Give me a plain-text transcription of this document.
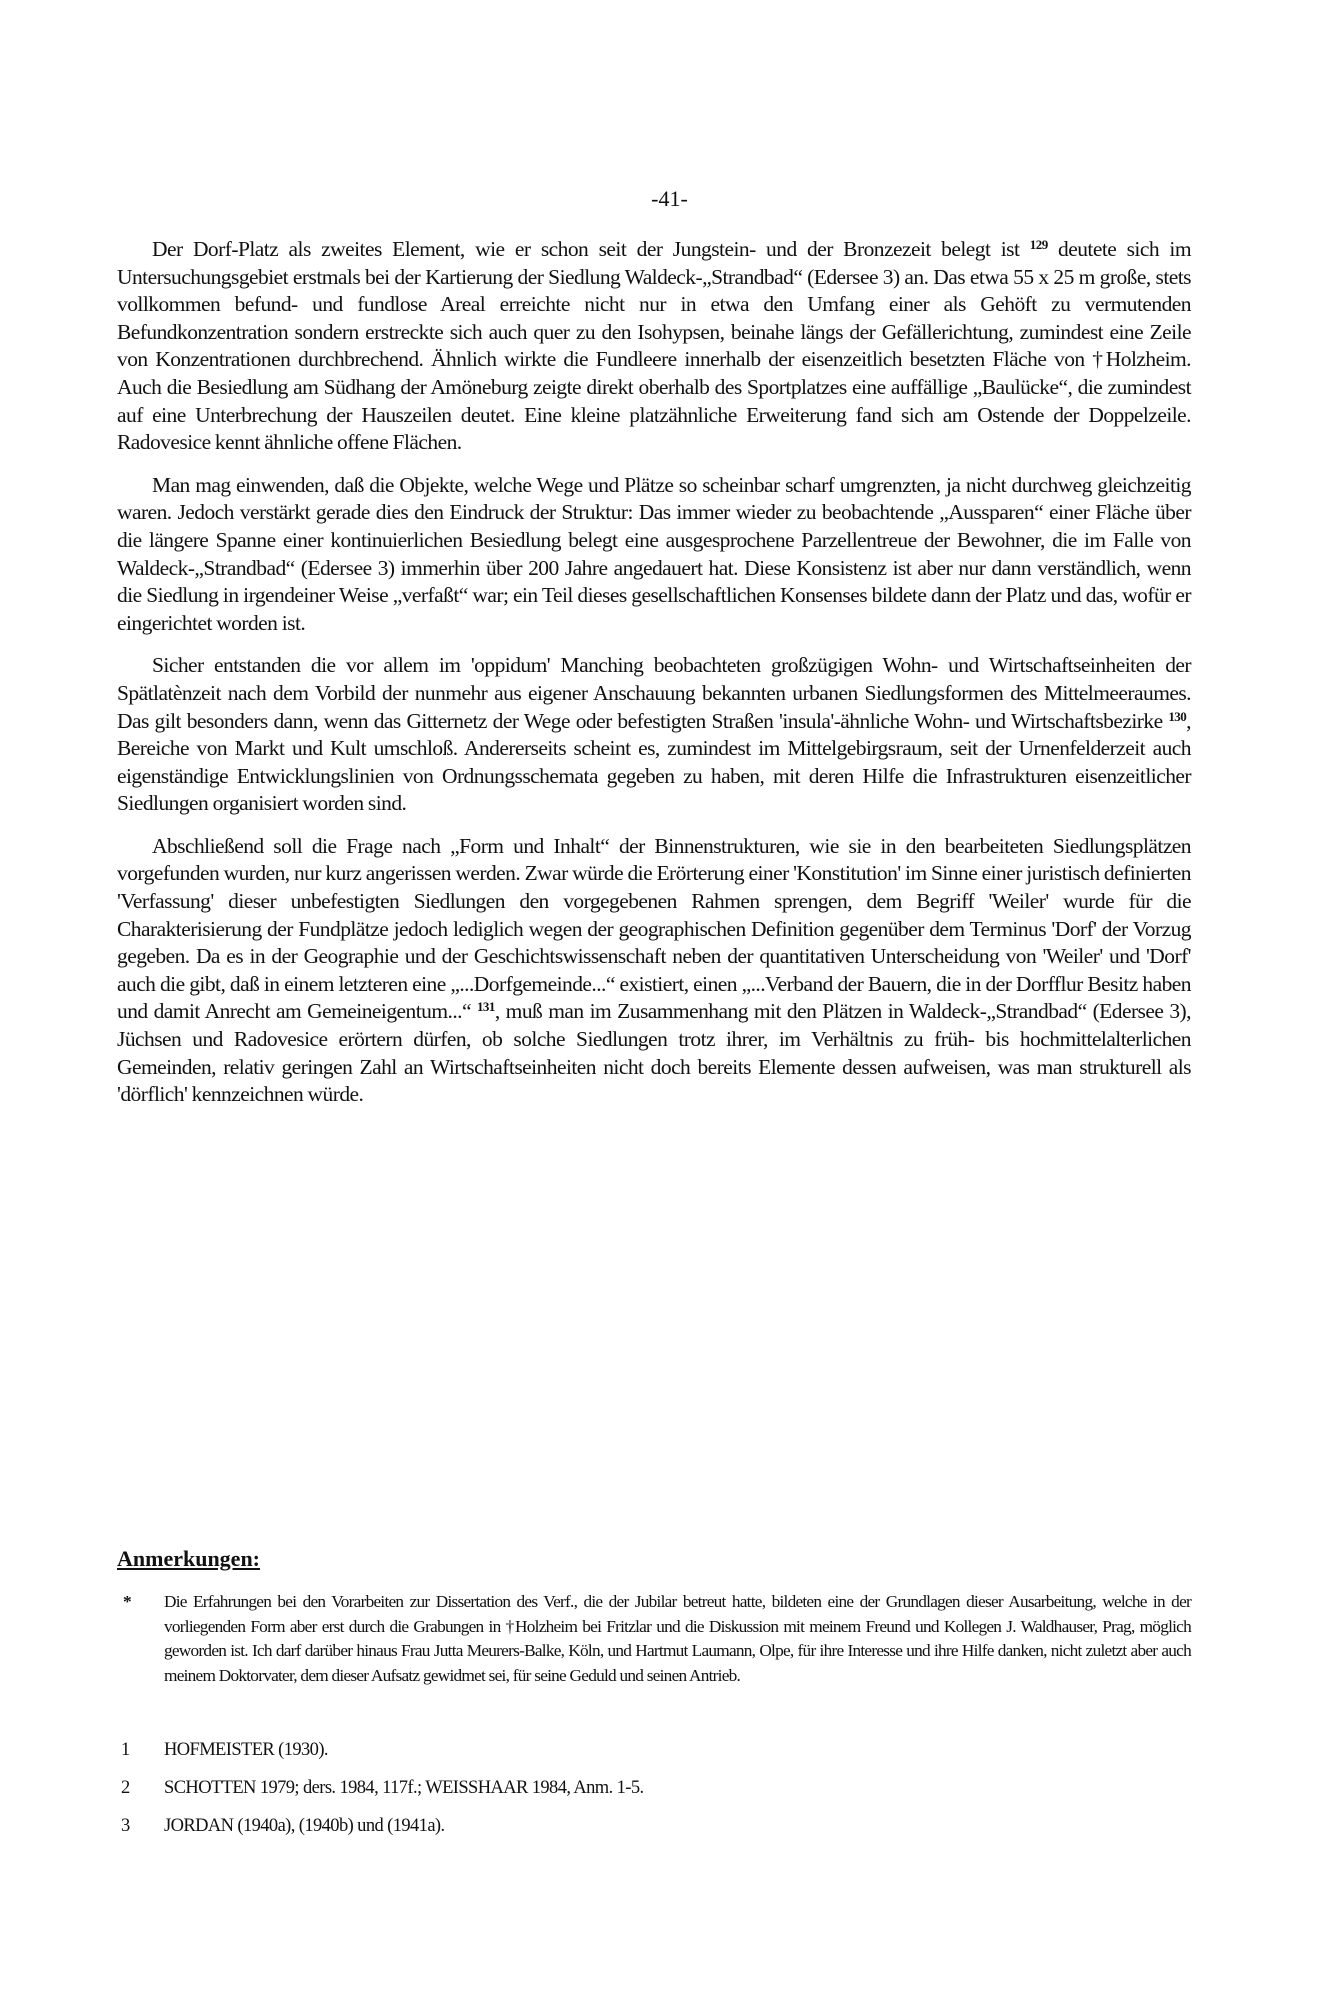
-41-

Der Dorf-Platz als zweites Element, wie er schon seit der Jungstein- und der Bronzezeit belegt ist $^{129}$ deutete sich im Untersuchungsgebiet erstmals bei der Kartierung der Siedlung Waldeck-„Strandbad“ (Edersee 3) an. Das etwa 55 x 25 m große, stets vollkommen befund- und fundlose Areal erreichte nicht nur in etwa den Umfang einer als Gehöft zu vermutenden Befundkonzentration sondern erstreckte sich auch quer zu den Isohypsen, beinahe längs der Gefällerichtung, zumindest eine Zeile von Konzentrationen durchbrechend. Ähnlich wirkte die Fundleere innerhalb der eisenzeitlich besetzten Fläche von †Holzheim. Auch die Besiedlung am Südhang der Amöneburg zeigte direkt oberhalb des Sportplatzes eine auffällige „Baulücke“, die zumindest auf eine Unterbrechung der Hauszeilen deutet. Eine kleine platzähnliche Erweiterung fand sich am Ostende der Doppelzeile. Radovesice kennt ähnliche offene Flächen.

Man mag einwenden, daß die Objekte, welche Wege und Plätze so scheinbar scharf umgrenzten, ja nicht durchweg gleichzeitig waren. Jedoch verstärkt gerade dies den Eindruck der Struktur: Das immer wieder zu beobachtende „Aussparen“ einer Fläche über die längere Spanne einer kontinuierlichen Besiedlung belegt eine ausgesprochene Parzellentreue der Bewohner, die im Falle von Waldeck-„Strandbad“ (Edersee 3) immerhin über 200 Jahre angedauert hat. Diese Konsistenz ist aber nur dann verständlich, wenn die Siedlung in irgendeiner Weise „verfaßt“ war; ein Teil dieses gesellschaftlichen Konsenses bildete dann der Platz und das, wofür er eingerichtet worden ist.

Sicher entstanden die vor allem im 'oppidum' Manching beobachteten großzügigen Wohn- und Wirtschaftseinheiten der Spätlatènzeit nach dem Vorbild der nunmehr aus eigener Anschauung bekannten urbanen Siedlungsformen des Mittelmeeraumes. Das gilt besonders dann, wenn das Gitternetz der Wege oder befestigten Straßen 'insula'-ähnliche Wohn- und Wirtschaftsbezirke $^{130}$, Bereiche von Markt und Kult umschloß. Andererseits scheint es, zumindest im Mittelgebirgsraum, seit der Urnenfelderzeit auch eigenständige Entwicklungslinien von Ordnungsschemata gegeben zu haben, mit deren Hilfe die Infrastrukturen eisenzeitlicher Siedlungen organisiert worden sind.

Abschließend soll die Frage nach „Form und Inhalt“ der Binnenstrukturen, wie sie in den bearbeiteten Siedlungsplätzen vorgefunden wurden, nur kurz angerissen werden. Zwar würde die Erörterung einer 'Konstitution' im Sinne einer juristisch definierten 'Verfassung' dieser unbefestigten Siedlungen den vorgegebenen Rahmen sprengen, dem Begriff 'Weiler' wurde für die Charakterisierung der Fundplätze jedoch lediglich wegen der geographischen Definition gegenüber dem Terminus 'Dorf' der Vorzug gegeben. Da es in der Geographie und der Geschichtswissenschaft neben der quantitativen Unterscheidung von 'Weiler' und 'Dorf' auch die gibt, daß in einem letzteren eine „...Dorfgemeinde...“ existiert, einen „...Verband der Bauern, die in der Dorfflur Besitz haben und damit Anrecht am Gemeineigentum...“ $^{131}$, muß man im Zusammenhang mit den Plätzen in Waldeck-„Strandbad“ (Edersee 3), Jüchsen und Radovesice erörtern dürfen, ob solche Siedlungen trotz ihrer, im Verhältnis zu früh- bis hochmittelalterlichen Gemeinden, relativ geringen Zahl an Wirtschaftseinheiten nicht doch bereits Elemente dessen aufweisen, was man strukturell als 'dörflich' kennzeichnen würde.

Anmerkungen:
* Die Erfahrungen bei den Vorarbeiten zur Dissertation des Verf., die der Jubilar betreut hatte, bildeten eine der Grundlagen dieser Ausarbeitung, welche in der vorliegenden Form aber erst durch die Grabungen in †Holzheim bei Fritzlar und die Diskussion mit meinem Freund und Kollegen J. Waldhauser, Prag, möglich geworden ist. Ich darf darüber hinaus Frau Jutta Meurers-Balke, Köln, und Hartmut Laumann, Olpe, für ihre Interesse und ihre Hilfe danken, nicht zuletzt aber auch meinem Doktorvater, dem dieser Aufsatz gewidmet sei, für seine Geduld und seinen Antrieb.
1 HOFMEISTER (1930).
2 SCHOTTEN 1979; ders. 1984, 117f.; WEISSHAAR 1984, Anm. 1-5.
3 JORDAN (1940a), (1940b) und (1941a).
